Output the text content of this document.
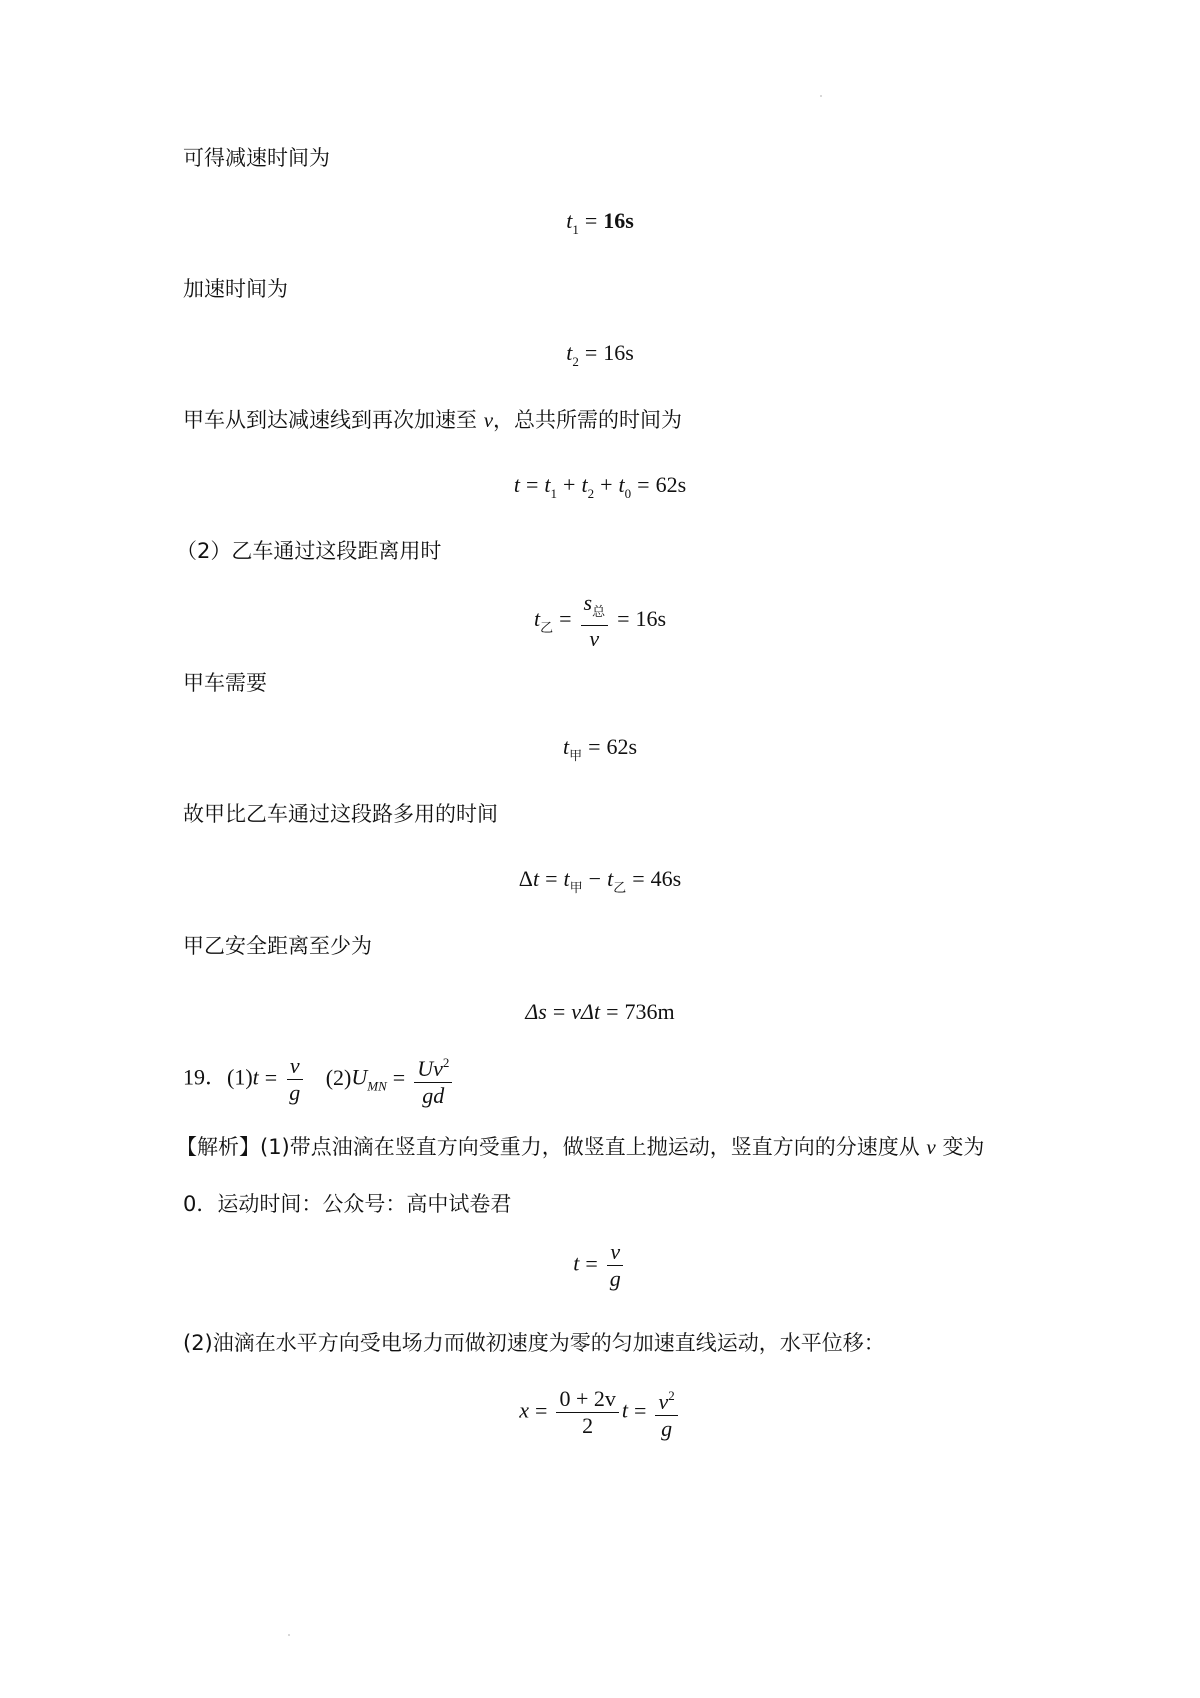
可得减速时间为
$t_1 = 16s$
加速时间为
$t_2 = 16s$
甲车从到达减速线到再次加速至 v，总共所需的时间为
$t = t_1 + t_2 + t_0 = 62s$
（2）乙车通过这段距离用时
$t_乙 = \frac{s_总}{v} = 16s$
甲车需要
$t_甲 = 62s$
故甲比乙车通过这段路多用的时间
$\Delta t = t_甲 - t_乙 = 46s$
甲乙安全距离至少为
Δs = vΔt = 736m
19．$(1)t = \frac{v}{g} (2)U_{MN} = \frac{Uv^2}{gd}$
【解析】(1)带点油滴在竖直方向受重力，做竖直上抛运动，竖直方向的分速度从 v 变为
0．运动时间：公众号：高中试卷君
$t = \frac{v}{g}$
(2)油滴在水平方向受电场力而做初速度为零的匀加速直线运动，水平位移：
$x = \frac{0 + 2v}{2}$ $t = \frac{v^2}{g}$
